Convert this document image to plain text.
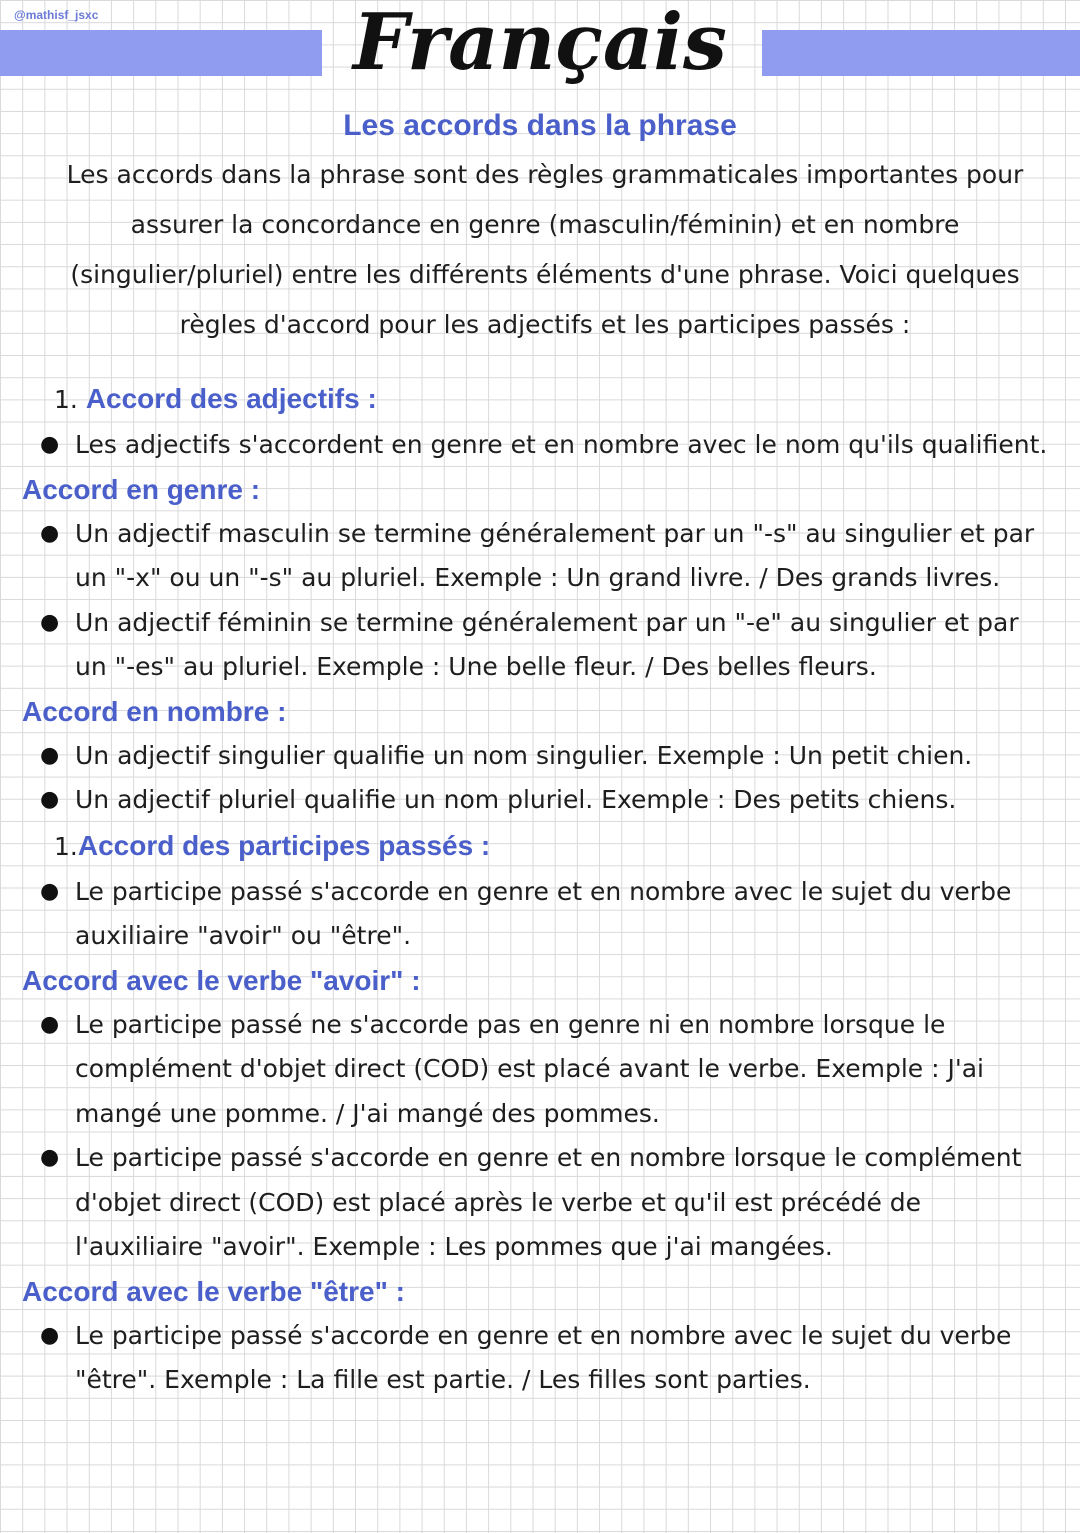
@mathisf_jsxc	Français
Les accords dans la phrase

Les accords dans la phrase sont des règles grammaticales importantes pour assurer la concordance en genre (masculin/féminin) et en nombre (singulier/pluriel) entre les différents éléments d'une phrase. Voici quelques règles d'accord pour les adjectifs et les participes passés :

1. Accord des adjectifs :

● Les adjectifs s'accordent en genre et en nombre avec le nom qu'ils qualifient.

Accord en genre :

● Un adjectif masculin se termine généralement par un "-s" au singulier et par un "-x" ou un "-s" au pluriel. Exemple : Un grand livre. / Des grands livres.
● Un adjectif féminin se termine généralement par un "-e" au singulier et par un "-es" au pluriel. Exemple : Une belle fleur. / Des belles fleurs.

Accord en nombre :

● Un adjectif singulier qualifie un nom singulier. Exemple : Un petit chien.
● Un adjectif pluriel qualifie un nom pluriel. Exemple : Des petits chiens.

1.Accord des participes passés :

● Le participe passé s'accorde en genre et en nombre avec le sujet du verbe auxiliaire "avoir" ou "être".

Accord avec le verbe "avoir" :

● Le participe passé ne s'accorde pas en genre ni en nombre lorsque le complément d'objet direct (COD) est placé avant le verbe. Exemple : J'ai mangé une pomme. / J'ai mangé des pommes.
● Le participe passé s'accorde en genre et en nombre lorsque le complément d'objet direct (COD) est placé après le verbe et qu'il est précédé de l'auxiliaire "avoir". Exemple : Les pommes que j'ai mangées.

Accord avec le verbe "être" :

● Le participe passé s'accorde en genre et en nombre avec le sujet du verbe "être". Exemple : La fille est partie. / Les filles sont parties.
